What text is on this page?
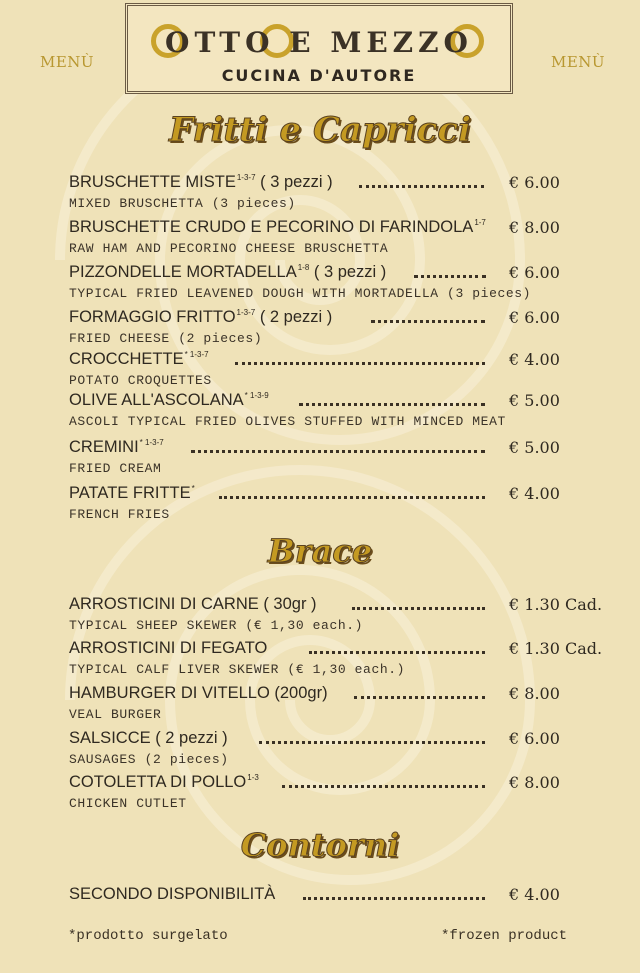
MENÙ	MENÙ
OTTO E MEZZO
CUCINA D'AUTORE
Fritti e Capricci
BRUSCHETTE MISTE$^{1-3-7}$ ( 3 pezzi )	€ 6.00
MIXED BRUSCHETTA (3 pieces)
BRUSCHETTE CRUDO E PECORINO DI FARINDOLA$^{1-7}$ € 8.00
RAW HAM AND PECORINO CHEESE BRUSCHETTA
PIZZONDELLE MORTADELLA$^{1-8}$ ( 3 pezzi )	€ 6.00
TYPICAL FRIED LEAVENED DOUGH WITH MORTADELLA (3 pieces)
FORMAGGIO FRITTO$^{1-3-7}$ ( 2 pezzi )	€ 6.00
FRIED CHEESE (2 pieces)
CROCCHETTE$^{* 1-3-7}$	€ 4.00
POTATO CROQUETTES
OLIVE ALL'ASCOLANA$^{* 1-3-9}$	€ 5.00
ASCOLI TYPICAL FRIED OLIVES STUFFED WITH MINCED MEAT
CREMINI$^{* 1-3-7}$	€ 5.00
FRIED CREAM
PATATE FRITTE*	€ 4.00
FRENCH FRIES
Brace
ARROSTICINI DI CARNE ( 30gr )	€ 1.30 Cad.
TYPICAL SHEEP SKEWER (€ 1,30 each.)
ARROSTICINI DI FEGATO	€ 1.30 Cad.
TYPICAL CALF LIVER SKEWER (€ 1,30 each.)
HAMBURGER DI VITELLO (200gr)	€ 8.00
VEAL BURGER
SALSICCE ( 2 pezzi )	€ 6.00
SAUSAGES (2 pieces)
COTOLETTA DI POLLO$^{1-3}$	€ 8.00
CHICKEN CUTLET
Contorni
SECONDO DISPONIBILITÀ	€ 4.00
*prodotto surgelato	*frozen product
